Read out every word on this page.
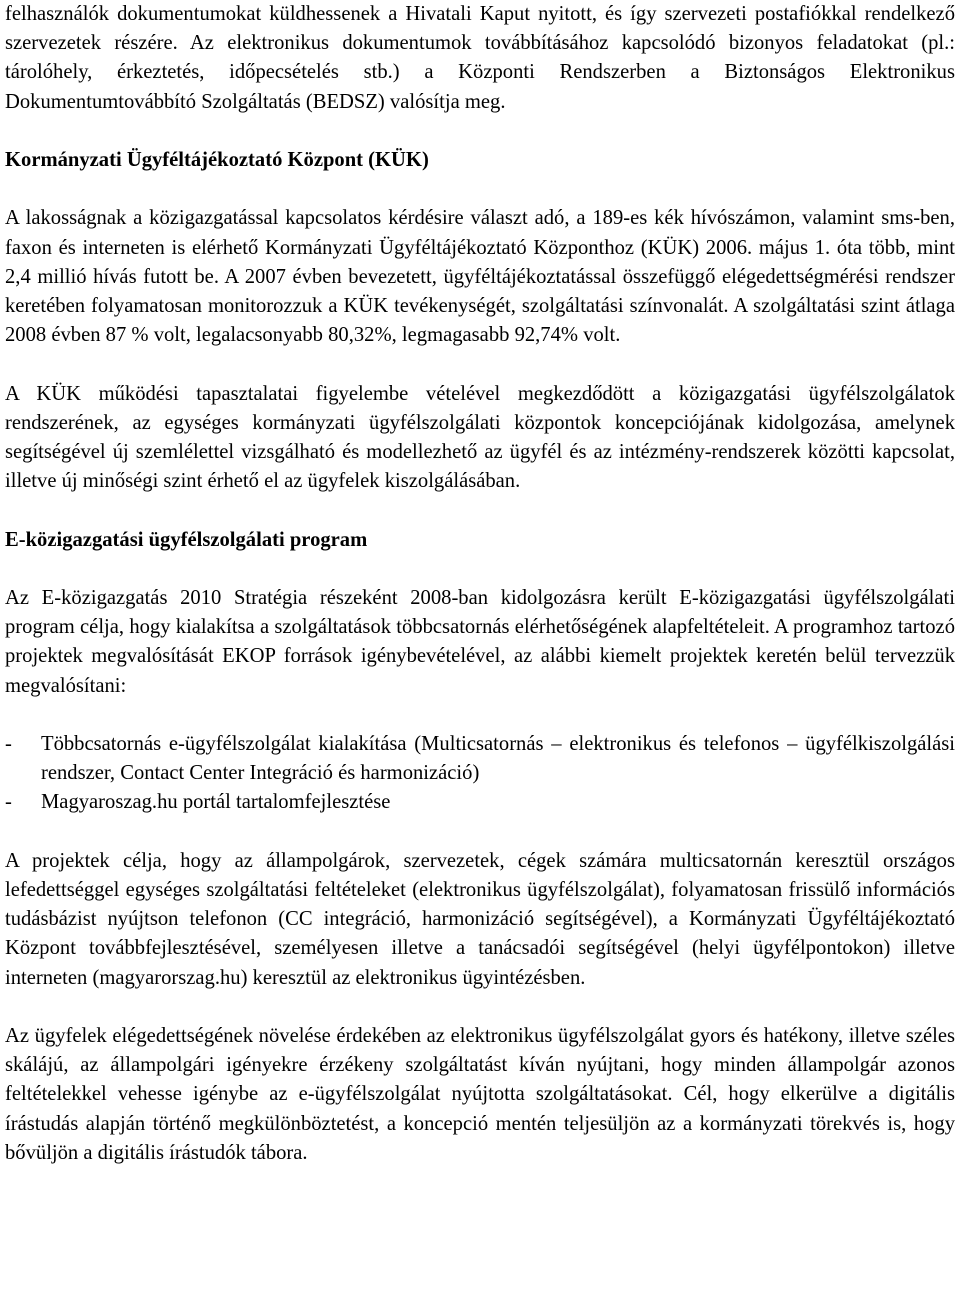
felhasználók dokumentumokat küldhessenek a Hivatali Kaput nyitott, és így szervezeti postafiókkal rendelkező szervezetek részére. Az elektronikus dokumentumok továbbításához kapcsolódó bizonyos feladatokat (pl.: tárolóhely, érkeztetés, időpecsételés stb.) a Központi Rendszerben a Biztonságos Elektronikus Dokumentumtovábbító Szolgáltatás (BEDSZ) valósítja meg.

Kormányzati Ügyféltájékoztató Központ (KÜK)

A lakosságnak a közigazgatással kapcsolatos kérdésire választ adó, a 189-es kék hívószámon, valamint sms-ben, faxon és interneten is elérhető Kormányzati Ügyféltájékoztató Központhoz (KÜK) 2006. május 1. óta több, mint 2,4 millió hívás futott be. A 2007 évben bevezetett, ügyféltájékoztatással összefüggő elégedettségmérési rendszer keretében folyamatosan monitorozzuk a KÜK tevékenységét, szolgáltatási színvonalát. A szolgáltatási szint átlaga 2008 évben 87 % volt, legalacsonyabb 80,32%, legmagasabb 92,74% volt.

A KÜK működési tapasztalatai figyelembe vételével megkezdődött a közigazgatási ügyfélszolgálatok rendszerének, az egységes kormányzati ügyfélszolgálati központok koncepciójának kidolgozása, amelynek segítségével új szemlélettel vizsgálható és modellezhető az ügyfél és az intézmény-rendszerek közötti kapcsolat, illetve új minőségi szint érhető el az ügyfelek kiszolgálásában.

E-közigazgatási ügyfélszolgálati program

Az E-közigazgatás 2010 Stratégia részeként 2008-ban kidolgozásra került E-közigazgatási ügyfélszolgálati program célja, hogy kialakítsa a szolgáltatások többcsatornás elérhetőségének alapfeltételeit. A programhoz tartozó projektek megvalósítását EKOP források igénybevételével, az alábbi kiemelt projektek keretén belül tervezzük megvalósítani:

- Többcsatornás e-ügyfélszolgálat kialakítása (Multicsatornás – elektronikus és telefonos – ügyfélkiszolgálási rendszer, Contact Center Integráció és harmonizáció)
- Magyaroszag.hu portál tartalomfejlesztése

A projektek célja, hogy az állampolgárok, szervezetek, cégek számára multicsatornán keresztül országos lefedettséggel egységes szolgáltatási feltételeket (elektronikus ügyfélszolgálat), folyamatosan frissülő információs tudásbázist nyújtson telefonon (CC integráció, harmonizáció segítségével), a Kormányzati Ügyféltájékoztató Központ továbbfejlesztésével, személyesen illetve a tanácsadói segítségével (helyi ügyfélpontokon) illetve interneten (magyarorszag.hu) keresztül az elektronikus ügyintézésben.

Az ügyfelek elégedettségének növelése érdekében az elektronikus ügyfélszolgálat gyors és hatékony, illetve széles skálájú, az állampolgári igényekre érzékeny szolgáltatást kíván nyújtani, hogy minden állampolgár azonos feltételekkel vehesse igénybe az e-ügyfélszolgálat nyújtotta szolgáltatásokat. Cél, hogy elkerülve a digitális írástudás alapján történő megkülönböztetést, a koncepció mentén teljesüljön az a kormányzati törekvés is, hogy bővüljön a digitális írástudók tábora.
